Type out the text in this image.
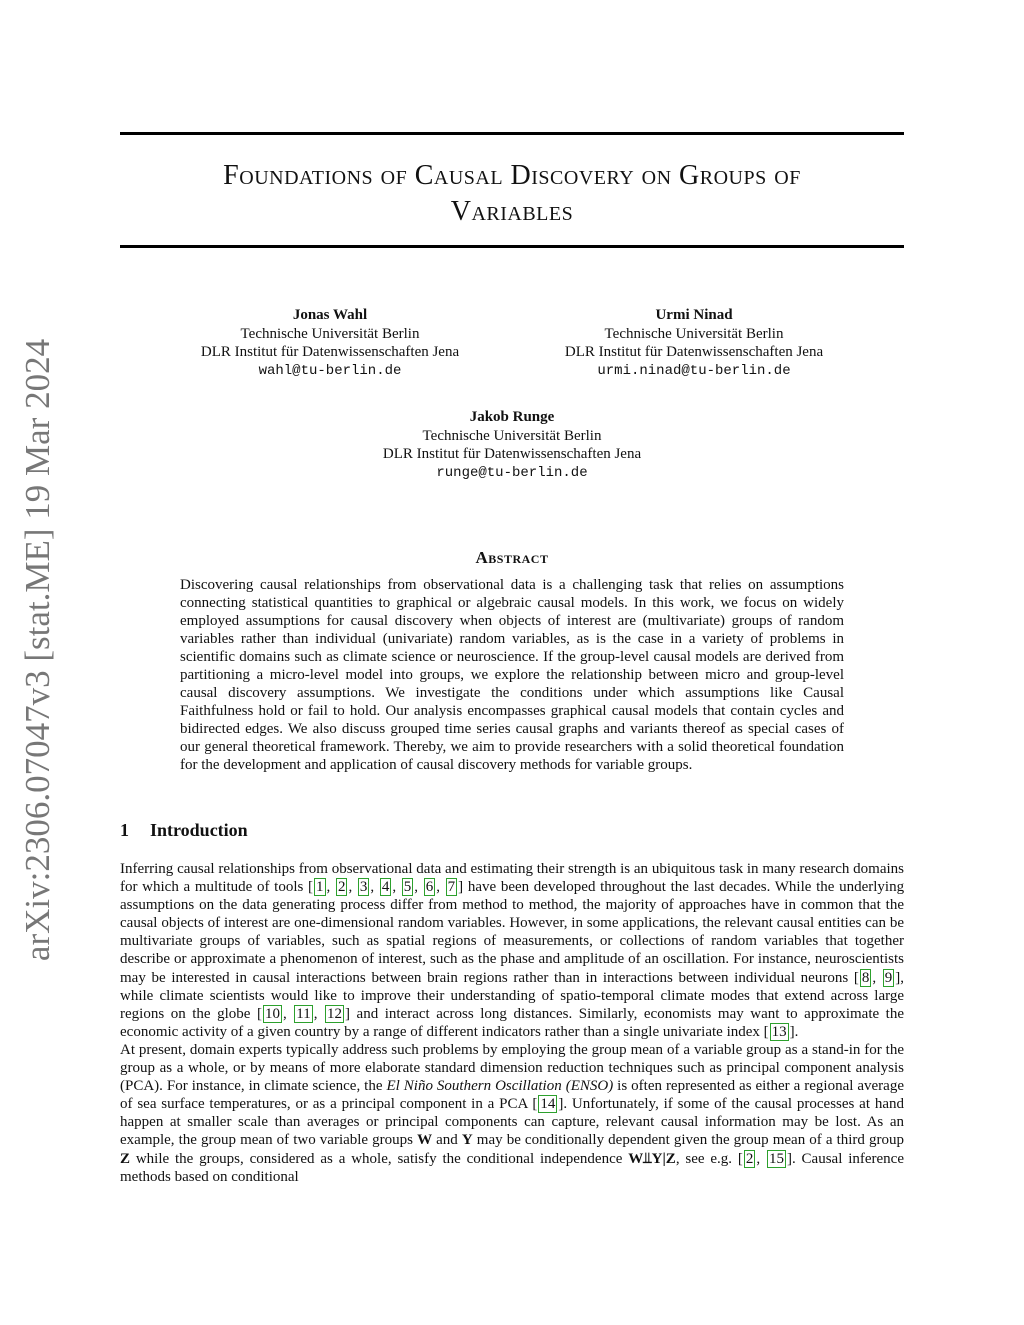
arXiv:2306.07047v3 [stat.ME] 19 Mar 2024
Foundations of Causal Discovery on Groups of
Variables
Jonas Wahl
Technische Universität Berlin
DLR Institut für Datenwissenschaften Jena
wahl@tu-berlin.de
Urmi Ninad
Technische Universität Berlin
DLR Institut für Datenwissenschaften Jena
urmi.ninad@tu-berlin.de
Jakob Runge
Technische Universität Berlin
DLR Institut für Datenwissenschaften Jena
runge@tu-berlin.de
Abstract

Discovering causal relationships from observational data is a challenging task that relies on assumptions connecting statistical quantities to graphical or algebraic causal models. In this work, we focus on widely employed assumptions for causal discovery when objects of interest are (multivariate) groups of random variables rather than individual (univariate) random variables, as is the case in a variety of problems in scientific domains such as climate science or neuroscience. If the group-level causal models are derived from partitioning a micro-level model into groups, we explore the relationship between micro and group-level causal discovery assumptions. We investigate the conditions under which assumptions like Causal Faithfulness hold or fail to hold. Our analysis encompasses graphical causal models that contain cycles and bidirected edges. We also discuss grouped time series causal graphs and variants thereof as special cases of our general theoretical framework. Thereby, we aim to provide researchers with a solid theoretical foundation for the development and application of causal discovery methods for variable groups.

1 Introduction

Inferring causal relationships from observational data and estimating their strength is an ubiquitous task in many research domains for which a multitude of tools [ 1 , 2 , 3 , 4 , 5 , 6 , 7 ] have been developed throughout the last decades. While the underlying assumptions on the data generating process differ from method to method, the majority of approaches have in common that the causal objects of interest are one-dimensional random variables. However, in some applications, the relevant causal entities can be multivariate groups of variables, such as spatial regions of measurements, or collections of random variables that together describe or approximate a phenomenon of interest, such as the phase and amplitude of an oscillation. For instance, neuroscientists may be interested in causal interactions between brain regions rather than in interactions between individual neurons [ 8 , 9 ], while climate scientists would like to improve their understanding of spatio-temporal climate modes that extend across large regions on the globe [ 10 , 11 , 12 ] and interact across long distances. Similarly, economists may want to approximate the economic activity of a given country by a range of different indicators rather than a single univariate index [ 13 ].

At present, domain experts typically address such problems by employing the group mean of a variable group as a stand-in for the group as a whole, or by means of more elaborate standard dimension reduction techniques such as principal component analysis (PCA). For instance, in climate science, the El Niño Southern Oscillation (ENSO) is often represented as either a regional average of sea surface temperatures, or as a principal component in a PCA [ 14 ]. Unfortunately, if some of the causal processes at hand happen at smaller scale than averages or principal components can capture, relevant causal information may be lost. As an example, the group mean of two variable groups W and Y may be conditionally dependent given the group mean of a third group Z while the groups, considered as a whole, satisfy the conditional independence W⫫Y|Z, see e.g. [ 2 , 15 ]. Causal inference methods based on conditional
